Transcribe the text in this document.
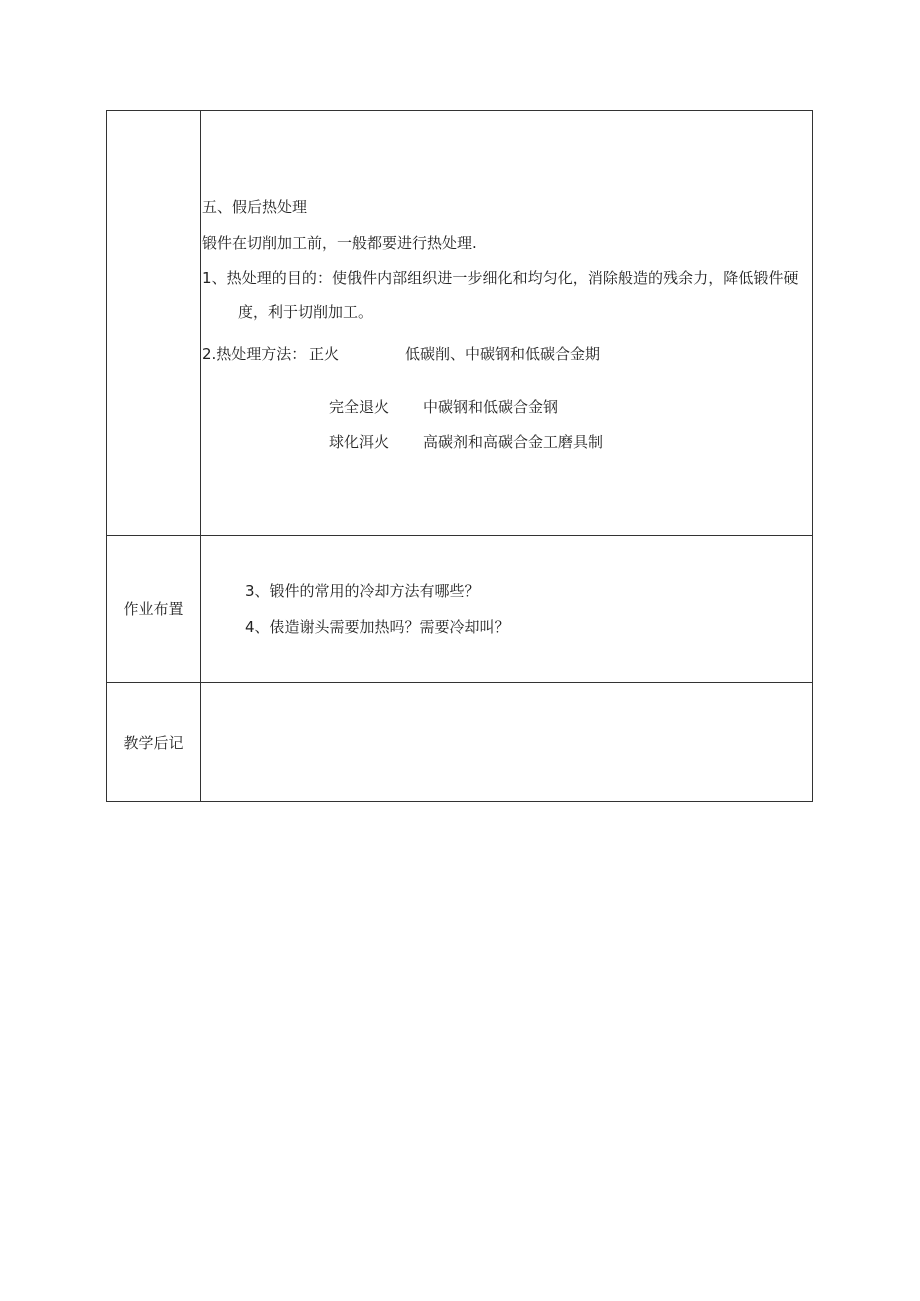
五、假后热处理
锻件在切削加工前，一般都要进行热处理.
1、热处理的目的：使俄件内部组织进一步细化和均匀化，消除般造的残余力，降低锻件硬
度，利于切削加工。
2.热处理方法： 正火	低碳削、中碳钢和低碳合金期
完全退火 中碳钢和低碳合金钢
球化洱火 高碳剂和高碳合金工磨具制
作业布置
3、锻件的常用的冷却方法有哪些？
4、俵造谢头需要加热吗？需要冷却叫？
教学后记
